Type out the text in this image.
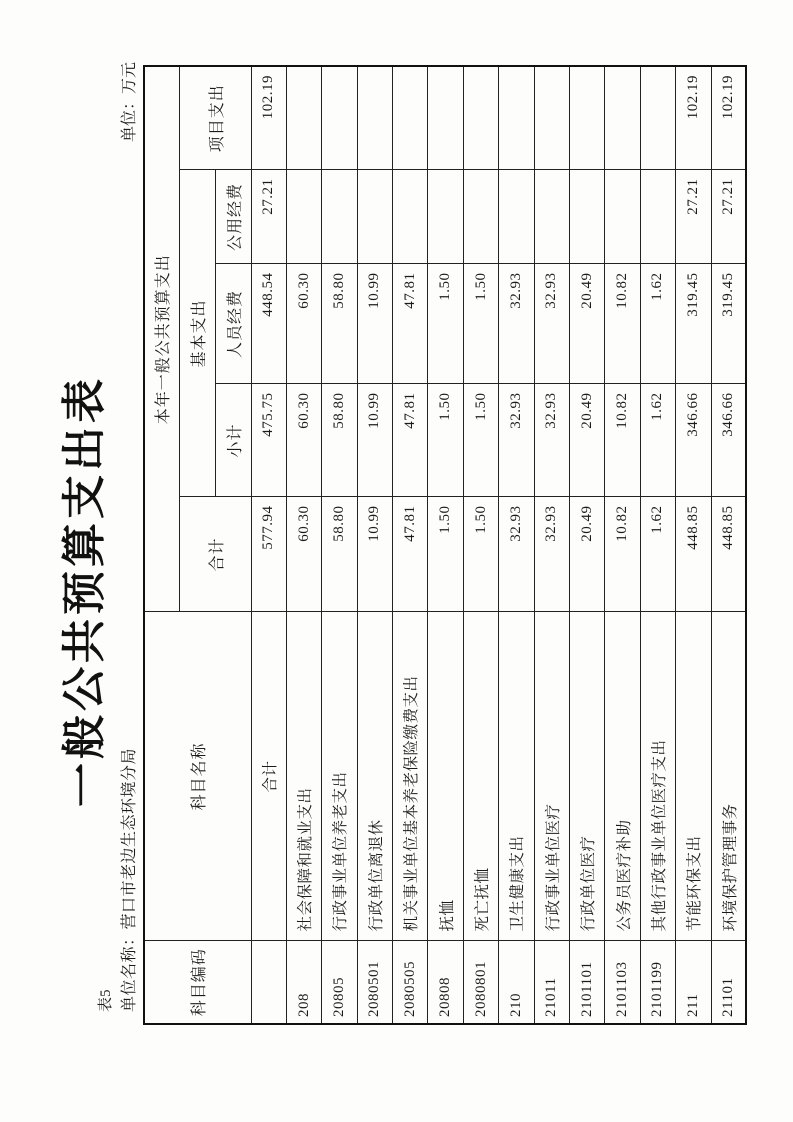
一般公共预算支出表
表5 单位名称：营口市老边生态环境分局
单位：万元
科目编码	科目名称	本年一般公共预算支出				
		合计	基本支出			项目支出
			小计	人员经费	公用经费	
	合计	577.94	475.75	448.54	27.21	102.19
208	社会保障和就业支出	60.30	60.30	60.30		
20805	行政事业单位养老支出	58.80	58.80	58.80		
2080501	行政单位离退休	10.99	10.99	10.99		
2080505	机关事业单位基本养老保险缴费支出	47.81	47.81	47.81		
20808	抚恤	1.50	1.50	1.50		
2080801	死亡抚恤	1.50	1.50	1.50		
210	卫生健康支出	32.93	32.93	32.93		
21011	行政事业单位医疗	32.93	32.93	32.93		
2101101	行政单位医疗	20.49	20.49	20.49		
2101103	公务员医疗补助	10.82	10.82	10.82		
2101199	其他行政事业单位医疗支出	1.62	1.62	1.62		
211	节能环保支出	448.85	346.66	319.45	27.21	102.19
21101	环境保护管理事务	448.85	346.66	319.45	27.21	102.19
